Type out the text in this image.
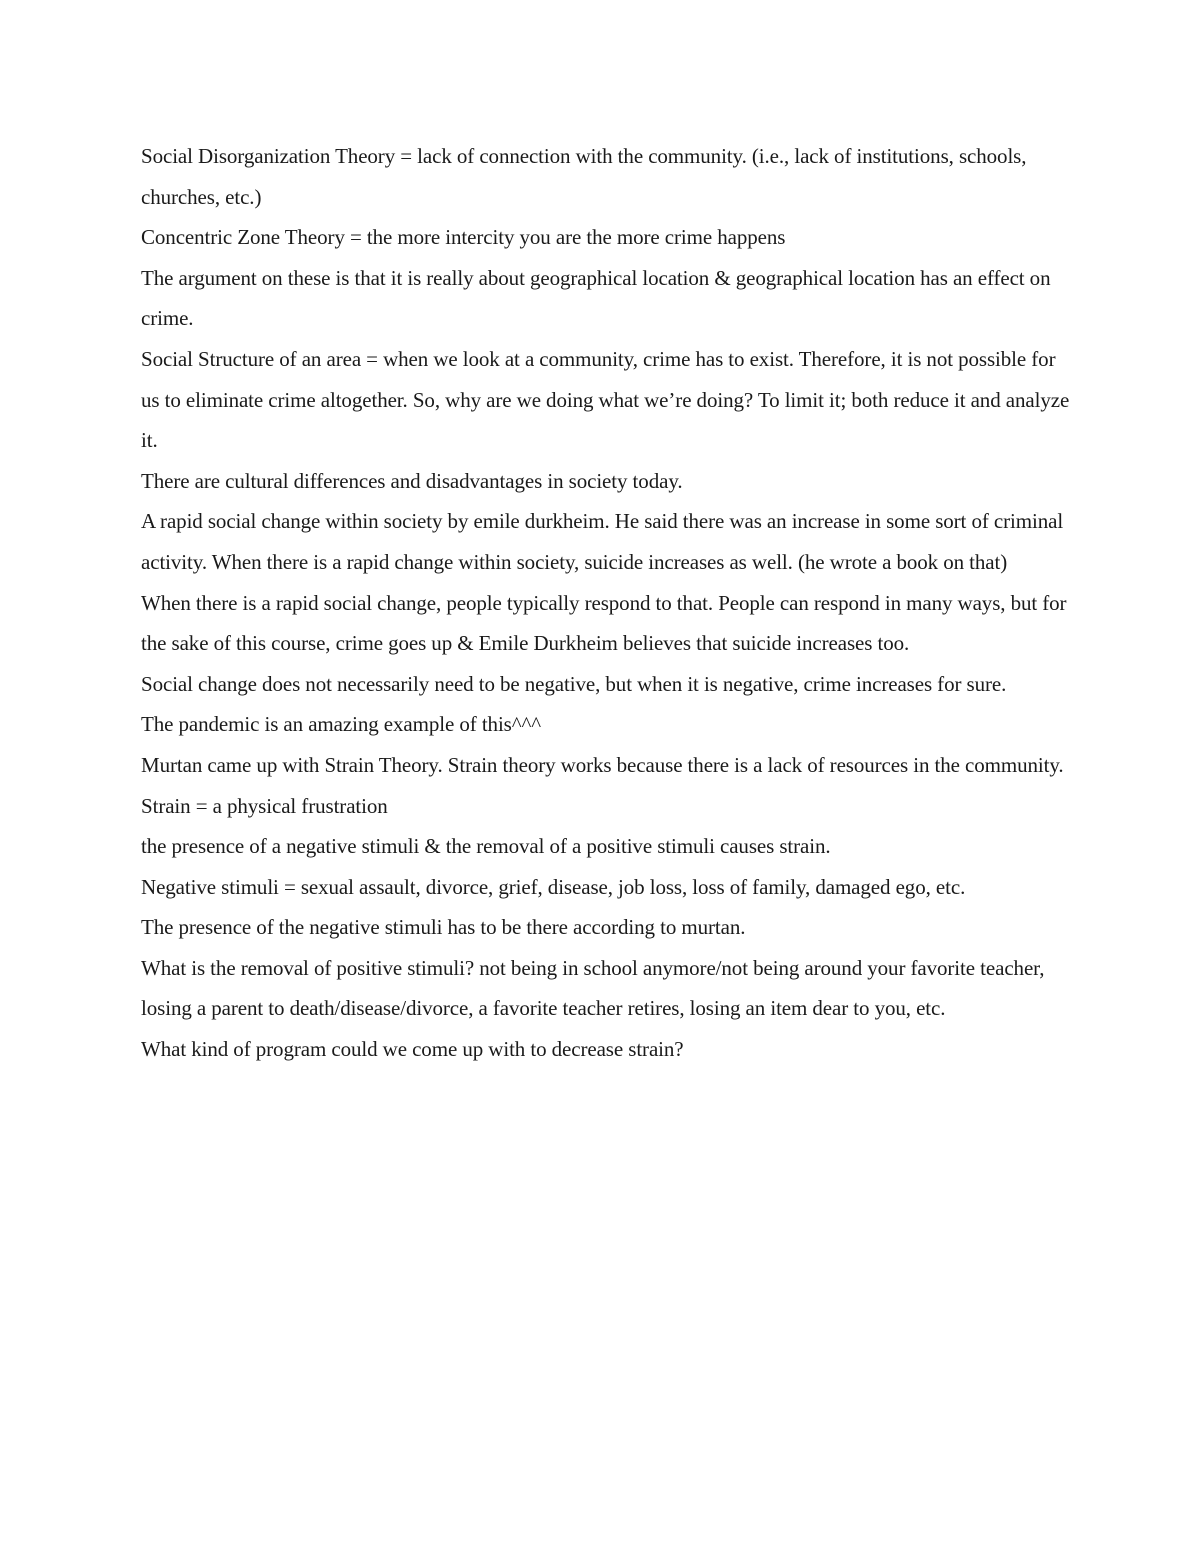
Social Disorganization Theory = lack of connection with the community. (i.e., lack of institutions, schools, churches, etc.)

Concentric Zone Theory = the more intercity you are the more crime happens

The argument on these is that it is really about geographical location & geographical location has an effect on crime.

Social Structure of an area = when we look at a community, crime has to exist. Therefore, it is not possible for us to eliminate crime altogether. So, why are we doing what we’re doing? To limit it; both reduce it and analyze it.

There are cultural differences and disadvantages in society today.

A rapid social change within society by emile durkheim. He said there was an increase in some sort of criminal activity. When there is a rapid change within society, suicide increases as well. (he wrote a book on that)

When there is a rapid social change, people typically respond to that. People can respond in many ways, but for the sake of this course, crime goes up & Emile Durkheim believes that suicide increases too.

Social change does not necessarily need to be negative, but when it is negative, crime increases for sure.

The pandemic is an amazing example of this^^^

Murtan came up with Strain Theory. Strain theory works because there is a lack of resources in the community.

Strain = a physical frustration

the presence of a negative stimuli & the removal of a positive stimuli causes strain.

Negative stimuli = sexual assault, divorce, grief, disease, job loss, loss of family, damaged ego, etc.

The presence of the negative stimuli has to be there according to murtan.

What is the removal of positive stimuli? not being in school anymore/not being around your favorite teacher, losing a parent to death/disease/divorce, a favorite teacher retires, losing an item dear to you, etc.

What kind of program could we come up with to decrease strain?
